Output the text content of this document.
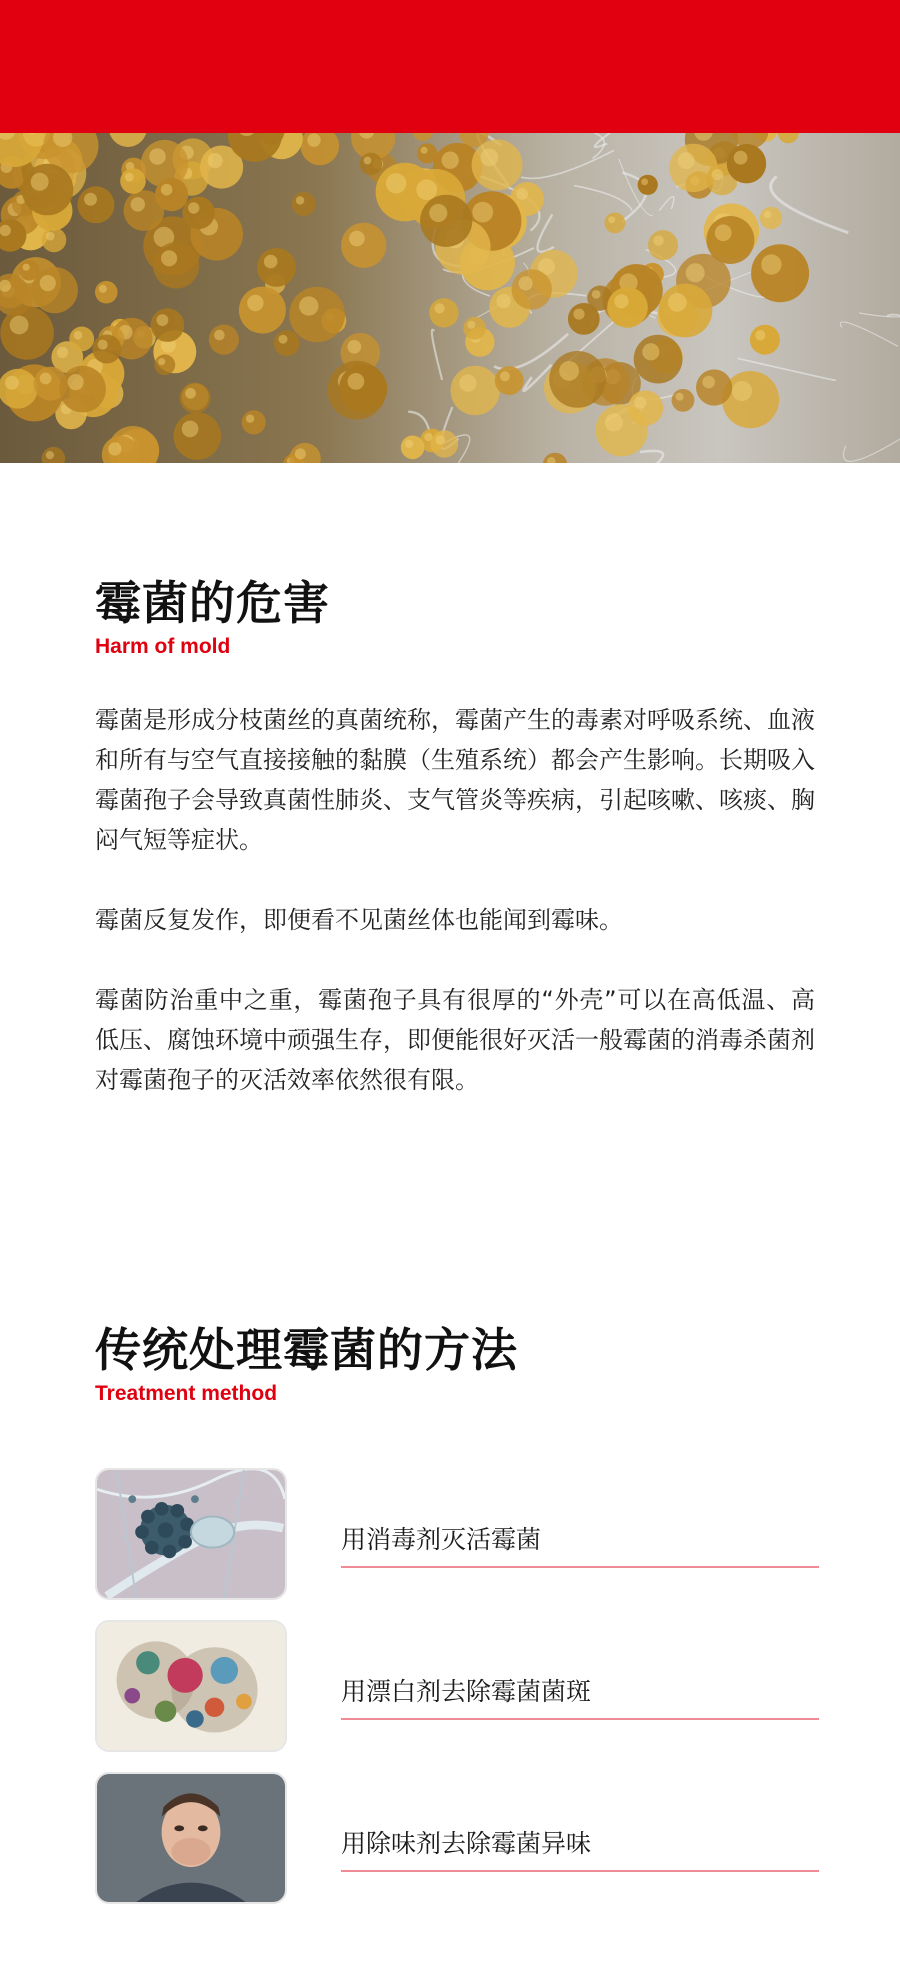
霉菌的危害
Harm of mold

霉菌是形成分枝菌丝的真菌统称，霉菌产生的毒素对呼吸系统、血液和所有与空气直接接触的黏膜（生殖系统）都会产生影响。长期吸入霉菌孢子会导致真菌性肺炎、支气管炎等疾病，引起咳嗽、咳痰、胸闷气短等症状。

霉菌反复发作，即便看不见菌丝体也能闻到霉味。

霉菌防治重中之重，霉菌孢子具有很厚的“外壳”可以在高低温、高低压、腐蚀环境中顽强生存，即便能很好灭活一般霉菌的消毒杀菌剂对霉菌孢子的灭活效率依然很有限。

传统处理霉菌的方法
Treatment method
用消毒剂灭活霉菌
用漂白剂去除霉菌菌斑
用除味剂去除霉菌异味
